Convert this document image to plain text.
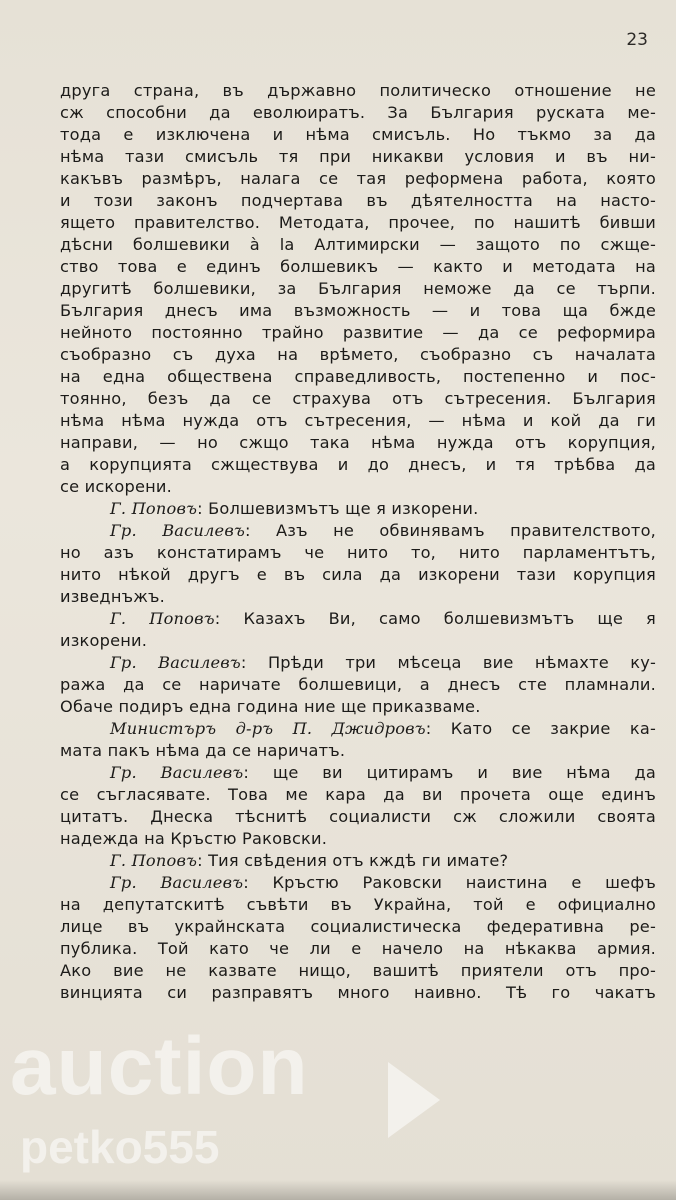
23
друга страна, въ държавно политическо отношение не
сж способни да еволюиратъ. За България руската ме-
тода е изключена и нѣма смисъль. Но тъкмо за да
нѣма тази смисъль тя при никакви условия и въ ни-
какъвъ размѣръ, налага се тая реформена работа, която
и този законъ подчертава въ дѣятелността на насто-
ящето правителство. Методата, прочее, по нашитѣ бивши
дѣсни болшевики à la Алтимирски — защото по сжще-
ство това е единъ болшевикъ — както и методата на
другитѣ болшевики, за България неможе да се търпи.
България днесъ има възможность — и това ща бжде
нейното постоянно трайно развитие — да се реформира
съобразно съ духа на врѣмето, съобразно съ началата
на една обществена справедливость, постепенно и пос-
тоянно, безъ да се страхува отъ сътресения. България
нѣма нѣма нужда отъ сътресения, — нѣма и кой да ги
направи, — но сжщо така нѣма нужда отъ корупция,
а корупцията сжществува и до днесъ, и тя трѣбва да
се искорени.
Г. Поповъ: Болшевизмътъ ще я изкорени.
Гр. Василевъ: Азъ не обвинявамъ правителството,
но азъ констатирамъ че нито то, нито парламентътъ,
нито нѣкой другъ е въ сила да изкорени тази корупция
изведнъжъ.
Г. Поповъ: Казахъ Ви, само болшевизмътъ ще я
изкорени.
Гр. Василевъ: Прѣди три мѣсеца вие нѣмахте ку-
ража да се наричате болшевици, а днесъ сте пламнали.
Обаче подиръ една година ние ще приказваме.
Министъръ д-ръ П. Джидровъ: Като се закрие ка-
мата пакъ нѣма да се наричатъ.
Гр. Василевъ: ще ви цитирамъ и вие нѣма да
се съгласявате. Това ме кара да ви прочета още единъ
цитатъ. Днеска тѣснитѣ социалисти сж сложили своята
надежда на Кръстю Раковски.
Г. Поповъ: Тия свѣдения отъ кждѣ ги имате?
Гр. Василевъ: Кръстю Раковски наистина е шефъ
на депутатскитѣ съвѣти въ Украйна, той е официално
лице въ украйнската социалистическа федеративна ре-
публика. Той като че ли е начело на нѣкаква армия.
Ако вие не казвате нищо, вашитѣ приятели отъ про-
винцията си разправятъ много наивно. Тѣ го чакатъ
auction
petko555
